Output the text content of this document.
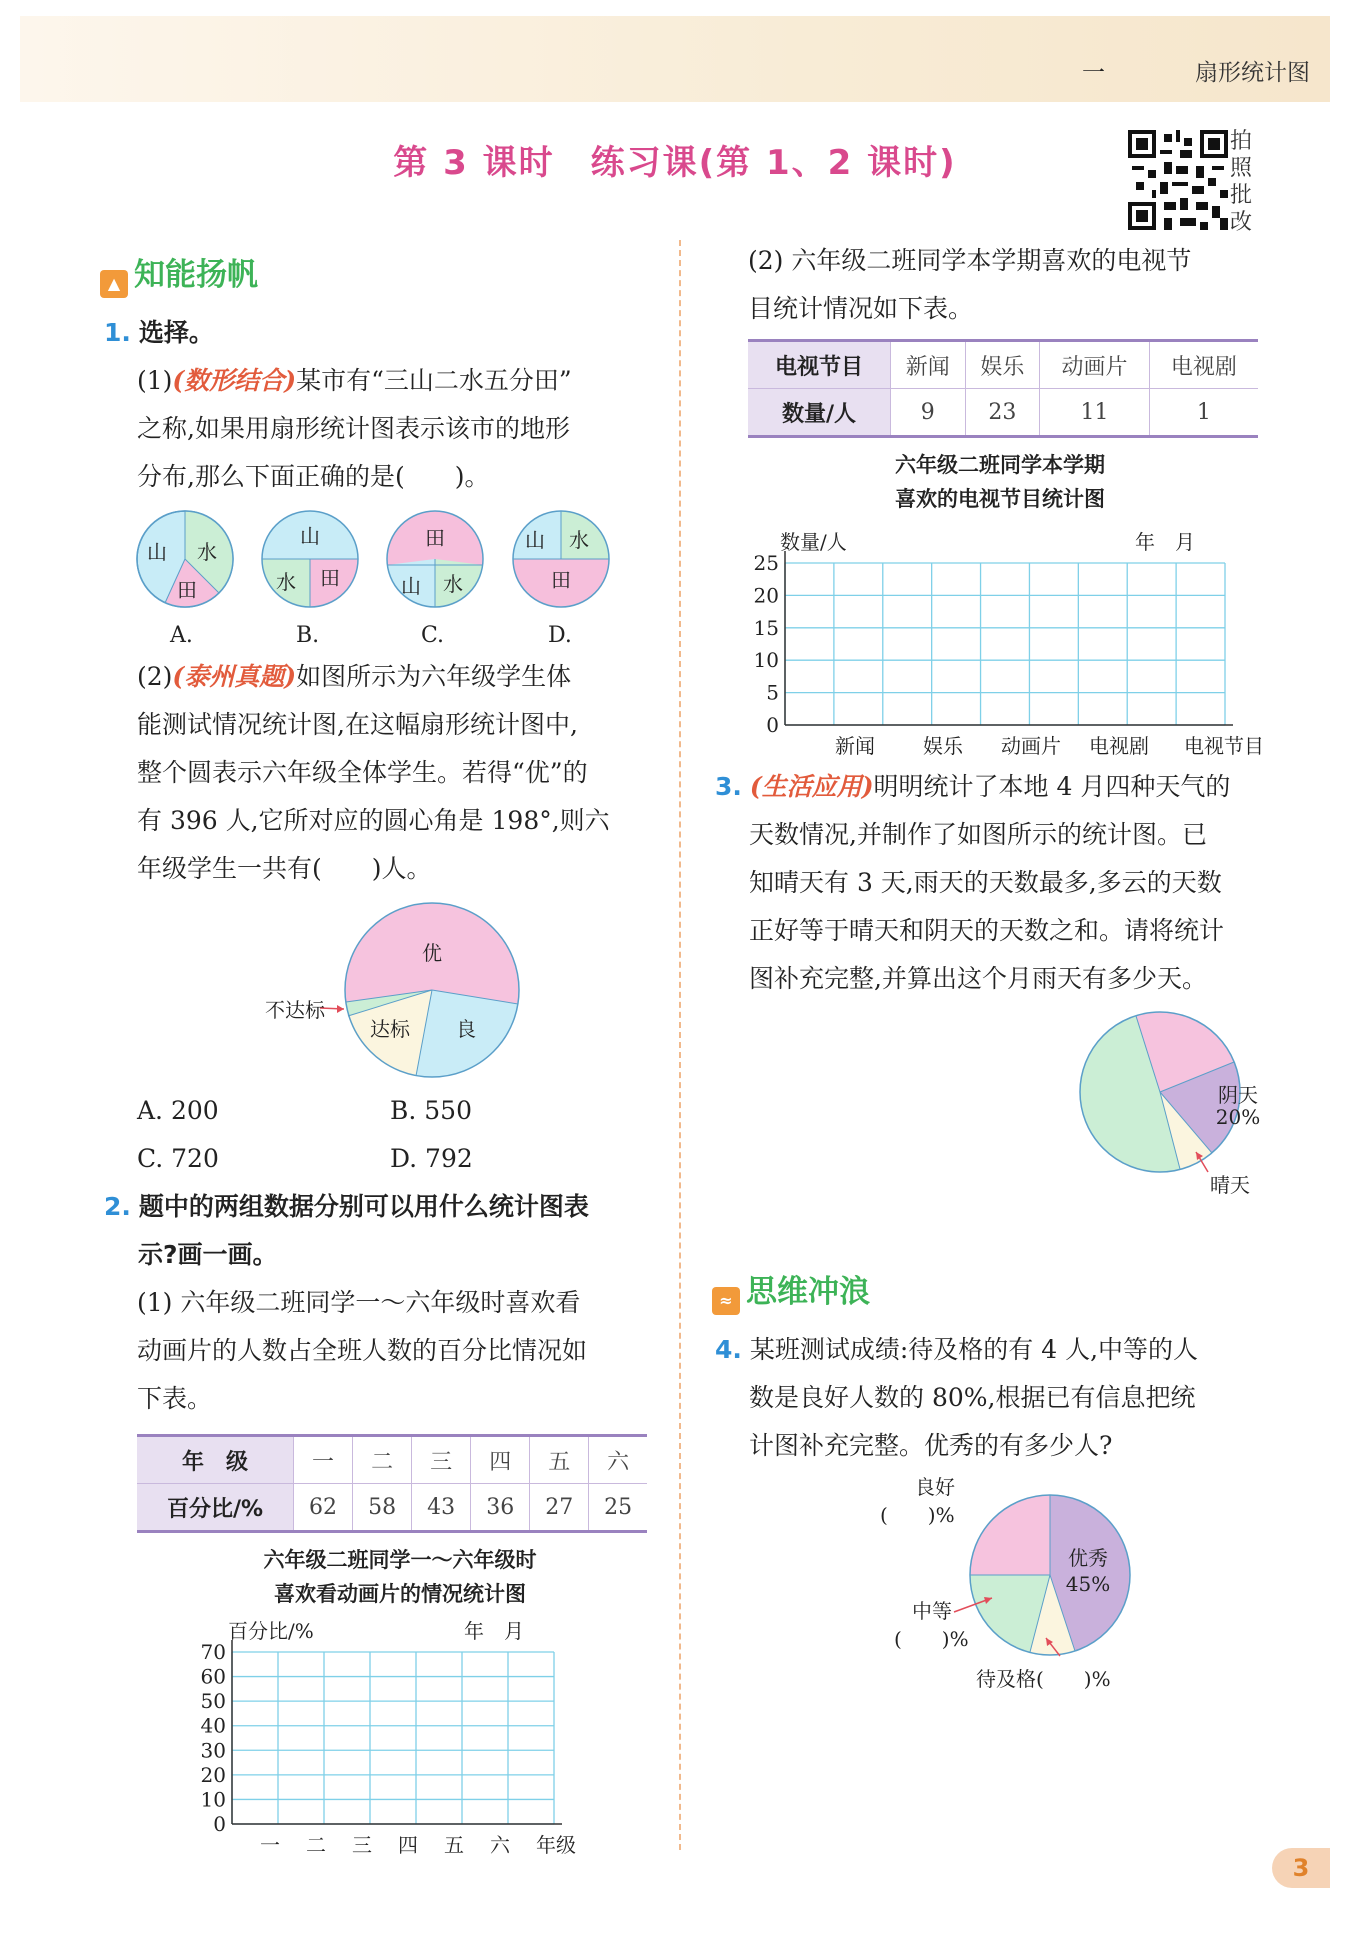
一	扇形统计图
第 3 课时　练习课(第 1、2 课时)
拍
照
批
改
▲ 知能扬帆
1. 选择。
(1)(数形结合)某市有“三山二水五分田”
之称,如果用扇形统计图表示该市的地形
分布,那么下面正确的是(　　)。
山 水
田
山
水 田
田
山 水
山 水
田
A.	B.	C.	D.
(2)(泰州真题)如图所示为六年级学生体
能测试情况统计图,在这幅扇形统计图中,
整个圆表示六年级全体学生。若得“优”的
有 396 人,它所对应的圆心角是 198°,则六
年级学生一共有(　　)人。
优
良
达标
不达标
A. 200	B. 550
C. 720	D. 792
2. 题中的两组数据分别可以用什么统计图表
示?画一画。
(1) 六年级二班同学一～六年级时喜欢看
动画片的人数占全班人数的百分比情况如
下表。
年　级	一	二	三	四	五	六
百分比/%	62	58	43	36	27	25
六年级二班同学一～六年级时
喜欢看动画片的情况统计图
0
10
20
30
40
50
60
70
百分比/%	年　月
一 二 三 四 五 六 年级
(2) 六年级二班同学本学期喜欢的电视节
目统计情况如下表。
电视节目	新闻	娱乐	动画片	电视剧
数量/人	9	23	11	1
六年级二班同学本学期
喜欢的电视节目统计图
0
5
10
15
20
25
数量/人	年　月
新闻 娱乐 动画片 电视剧 电视节目
3. (生活应用)明明统计了本地 4 月四种天气的
天数情况,并制作了如图所示的统计图。已
知晴天有 3 天,雨天的天数最多,多云的天数
正好等于晴天和阴天的天数之和。请将统计
图补充完整,并算出这个月雨天有多少天。
阴天
20%
晴天
≈ 思维冲浪
4. 某班测试成绩:待及格的有 4 人,中等的人
数是良好人数的 80%,根据已有信息把统
计图补充完整。优秀的有多少人?
优秀
45%
良好
(　　)%
中等
(　　)%
待及格(　　)%
3
